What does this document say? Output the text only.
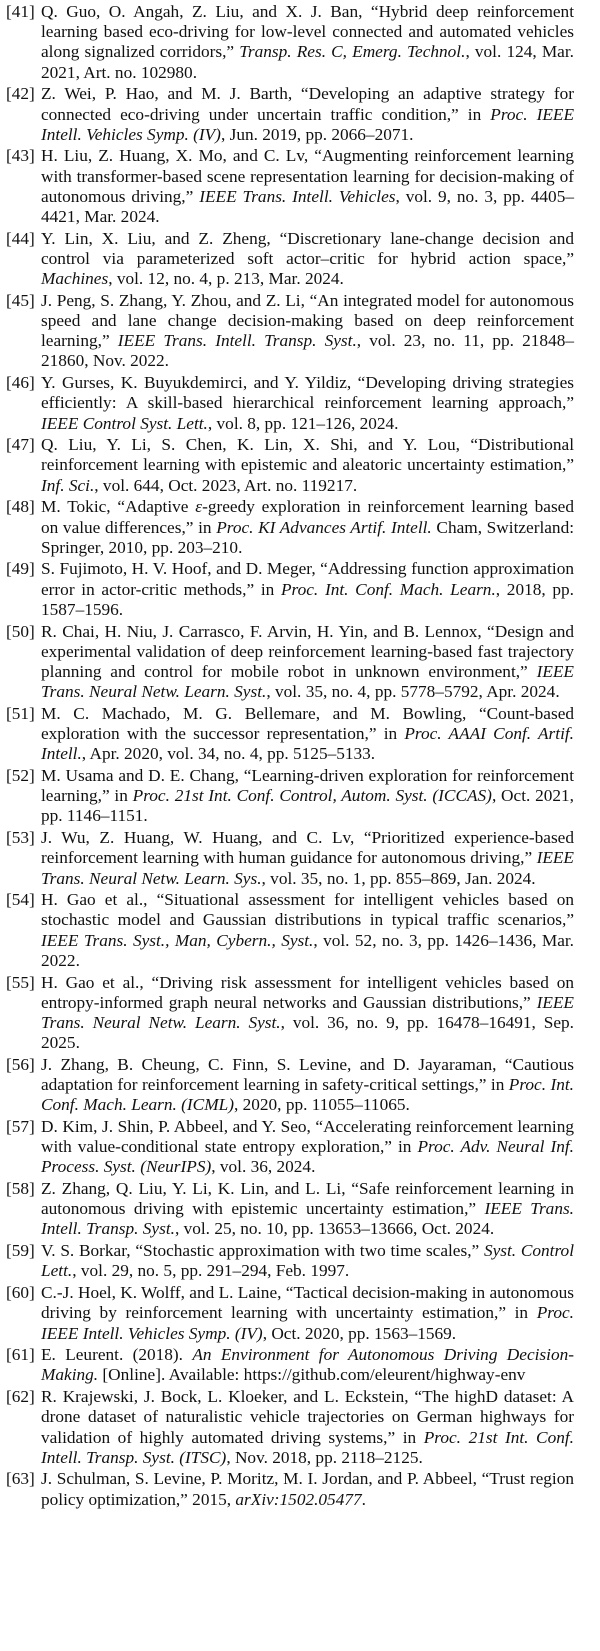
[41] Q. Guo, O. Angah, Z. Liu, and X. J. Ban, “Hybrid deep reinforcement learning based eco-driving for low-level connected and automated vehicles along signalized corridors,” Transp. Res. C, Emerg. Technol., vol. 124, Mar. 2021, Art. no. 102980.
[42] Z. Wei, P. Hao, and M. J. Barth, “Developing an adaptive strategy for connected eco-driving under uncertain traffic condition,” in Proc. IEEE Intell. Vehicles Symp. (IV), Jun. 2019, pp. 2066–2071.
[43] H. Liu, Z. Huang, X. Mo, and C. Lv, “Augmenting reinforcement learning with transformer-based scene representation learning for decision-making of autonomous driving,” IEEE Trans. Intell. Vehicles, vol. 9, no. 3, pp. 4405–4421, Mar. 2024.
[44] Y. Lin, X. Liu, and Z. Zheng, “Discretionary lane-change decision and control via parameterized soft actor–critic for hybrid action space,” Machines, vol. 12, no. 4, p. 213, Mar. 2024.
[45] J. Peng, S. Zhang, Y. Zhou, and Z. Li, “An integrated model for autonomous speed and lane change decision-making based on deep reinforcement learning,” IEEE Trans. Intell. Transp. Syst., vol. 23, no. 11, pp. 21848–21860, Nov. 2022.
[46] Y. Gurses, K. Buyukdemirci, and Y. Yildiz, “Developing driving strategies efficiently: A skill-based hierarchical reinforcement learning approach,” IEEE Control Syst. Lett., vol. 8, pp. 121–126, 2024.
[47] Q. Liu, Y. Li, S. Chen, K. Lin, X. Shi, and Y. Lou, “Distributional reinforcement learning with epistemic and aleatoric uncertainty estimation,” Inf. Sci., vol. 644, Oct. 2023, Art. no. 119217.
[48] M. Tokic, “Adaptive ε-greedy exploration in reinforcement learning based on value differences,” in Proc. KI Advances Artif. Intell. Cham, Switzerland: Springer, 2010, pp. 203–210.
[49] S. Fujimoto, H. V. Hoof, and D. Meger, “Addressing function approximation error in actor-critic methods,” in Proc. Int. Conf. Mach. Learn., 2018, pp. 1587–1596.
[50] R. Chai, H. Niu, J. Carrasco, F. Arvin, H. Yin, and B. Lennox, “Design and experimental validation of deep reinforcement learning-based fast trajectory planning and control for mobile robot in unknown environment,” IEEE Trans. Neural Netw. Learn. Syst., vol. 35, no. 4, pp. 5778–5792, Apr. 2024.
[51] M. C. Machado, M. G. Bellemare, and M. Bowling, “Count-based exploration with the successor representation,” in Proc. AAAI Conf. Artif. Intell., Apr. 2020, vol. 34, no. 4, pp. 5125–5133.
[52] M. Usama and D. E. Chang, “Learning-driven exploration for reinforcement learning,” in Proc. 21st Int. Conf. Control, Autom. Syst. (ICCAS), Oct. 2021, pp. 1146–1151.
[53] J. Wu, Z. Huang, W. Huang, and C. Lv, “Prioritized experience-based reinforcement learning with human guidance for autonomous driving,” IEEE Trans. Neural Netw. Learn. Sys., vol. 35, no. 1, pp. 855–869, Jan. 2024.
[54] H. Gao et al., “Situational assessment for intelligent vehicles based on stochastic model and Gaussian distributions in typical traffic scenarios,” IEEE Trans. Syst., Man, Cybern., Syst., vol. 52, no. 3, pp. 1426–1436, Mar. 2022.
[55] H. Gao et al., “Driving risk assessment for intelligent vehicles based on entropy-informed graph neural networks and Gaussian distributions,” IEEE Trans. Neural Netw. Learn. Syst., vol. 36, no. 9, pp. 16478–16491, Sep. 2025.
[56] J. Zhang, B. Cheung, C. Finn, S. Levine, and D. Jayaraman, “Cautious adaptation for reinforcement learning in safety-critical settings,” in Proc. Int. Conf. Mach. Learn. (ICML), 2020, pp. 11055–11065.
[57] D. Kim, J. Shin, P. Abbeel, and Y. Seo, “Accelerating reinforcement learning with value-conditional state entropy exploration,” in Proc. Adv. Neural Inf. Process. Syst. (NeurIPS), vol. 36, 2024.
[58] Z. Zhang, Q. Liu, Y. Li, K. Lin, and L. Li, “Safe reinforcement learning in autonomous driving with epistemic uncertainty estimation,” IEEE Trans. Intell. Transp. Syst., vol. 25, no. 10, pp. 13653–13666, Oct. 2024.
[59] V. S. Borkar, “Stochastic approximation with two time scales,” Syst. Control Lett., vol. 29, no. 5, pp. 291–294, Feb. 1997.
[60] C.-J. Hoel, K. Wolff, and L. Laine, “Tactical decision-making in autonomous driving by reinforcement learning with uncertainty estimation,” in Proc. IEEE Intell. Vehicles Symp. (IV), Oct. 2020, pp. 1563–1569.
[61] E. Leurent. (2018). An Environment for Autonomous Driving Decision-Making. [Online]. Available: https://github.com/eleurent/highway-env
[62] R. Krajewski, J. Bock, L. Kloeker, and L. Eckstein, “The highD dataset: A drone dataset of naturalistic vehicle trajectories on German highways for validation of highly automated driving systems,” in Proc. 21st Int. Conf. Intell. Transp. Syst. (ITSC), Nov. 2018, pp. 2118–2125.
[63] J. Schulman, S. Levine, P. Moritz, M. I. Jordan, and P. Abbeel, “Trust region policy optimization,” 2015, arXiv:1502.05477.
